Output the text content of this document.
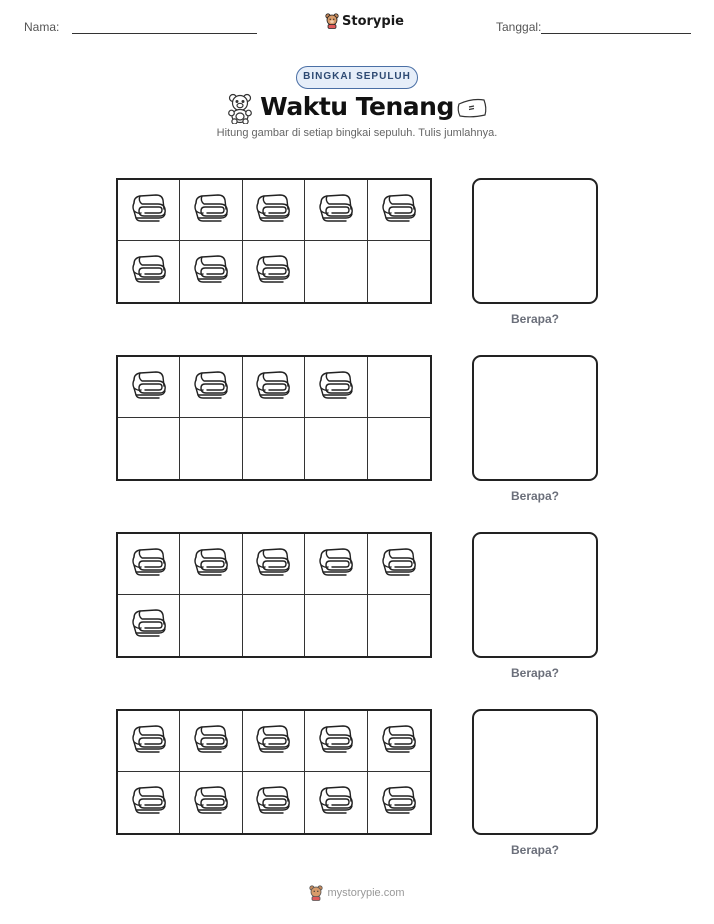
Nama:	Storypie	Tanggal:
BINGKAI SEPULUH
Waktu Tenang
Hitung gambar di setiap bingkai sepuluh. Tulis jumlahnya.
Berapa?
Berapa?
Berapa?
Berapa?
mystorypie.com
